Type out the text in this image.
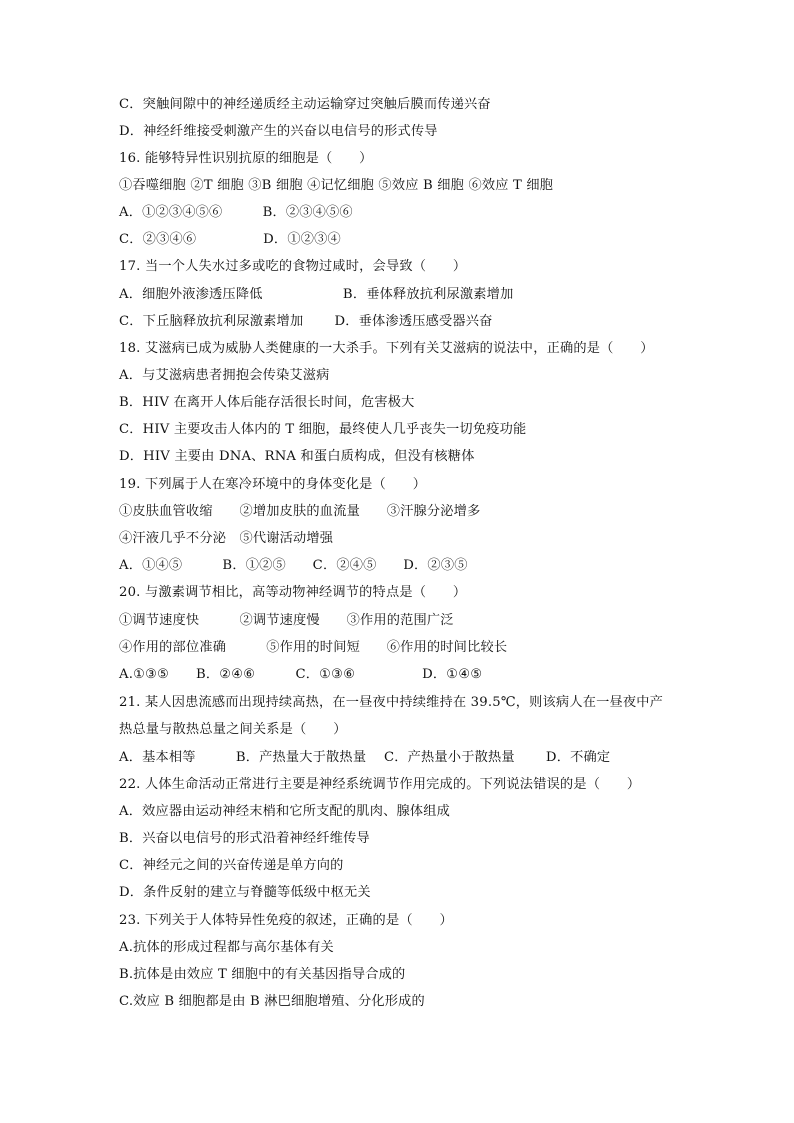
C．突触间隙中的神经递质经主动运输穿过突触后膜而传递兴奋
D．神经纤维接受刺激产生的兴奋以电信号的形式传导
16. 能够特异性识别抗原的细胞是（　　）
①吞噬细胞 ②T 细胞 ③B 细胞 ④记忆细胞 ⑤效应 B 细胞 ⑥效应 T 细胞
A．①②③④⑤⑥　　　B．②③④⑤⑥
C．②③④⑥　　　　　D．①②③④
17. 当一个人失水过多或吃的食物过咸时，会导致（　　）
A．细胞外液渗透压降低　　　　　　B．垂体释放抗利尿激素增加
C．下丘脑释放抗利尿激素增加　　 D．垂体渗透压感受器兴奋
18. 艾滋病已成为威胁人类健康的一大杀手。下列有关艾滋病的说法中，正确的是（　　）
A．与艾滋病患者拥抱会传染艾滋病
B．HIV 在离开人体后能存活很长时间，危害极大
C．HIV 主要攻击人体内的 T 细胞，最终使人几乎丧失一切免疫功能
D．HIV 主要由 DNA、RNA 和蛋白质构成，但没有核糖体
19. 下列属于人在寒冷环境中的身体变化是（　　）
①皮肤血管收缩　　②增加皮肤的血流量　　③汗腺分泌增多
④汗液几乎不分泌　⑤代谢活动增强
A．①④⑤　　　B．①②⑤　　C．②④⑤　　D．②③⑤
20. 与激素调节相比，高等动物神经调节的特点是（　　）
①调节速度快　　　②调节速度慢　　③作用的范围广泛
④作用的部位准确　　　⑤作用的时间短　　⑥作用的时间比较长
A.①③⑤　　B．②④⑥　　　C．①③⑥　　　　　D．①④⑤
21. 某人因患流感而出现持续高热，在一昼夜中持续维持在 39.5℃，则该病人在一昼夜中产
热总量与散热总量之间关系是（　　）
A．基本相等　　　B．产热量大于散热量　 C．产热量小于散热量　　 D．不确定
22. 人体生命活动正常进行主要是神经系统调节作用完成的。下列说法错误的是（　　）
A．效应器由运动神经末梢和它所支配的肌肉、腺体组成
B．兴奋以电信号的形式沿着神经纤维传导
C．神经元之间的兴奋传递是单方向的
D．条件反射的建立与脊髓等低级中枢无关
23. 下列关于人体特异性免疫的叙述，正确的是（　　）
A.抗体的形成过程都与高尔基体有关
B.抗体是由效应 T 细胞中的有关基因指导合成的
C.效应 B 细胞都是由 B 淋巴细胞增殖、分化形成的
